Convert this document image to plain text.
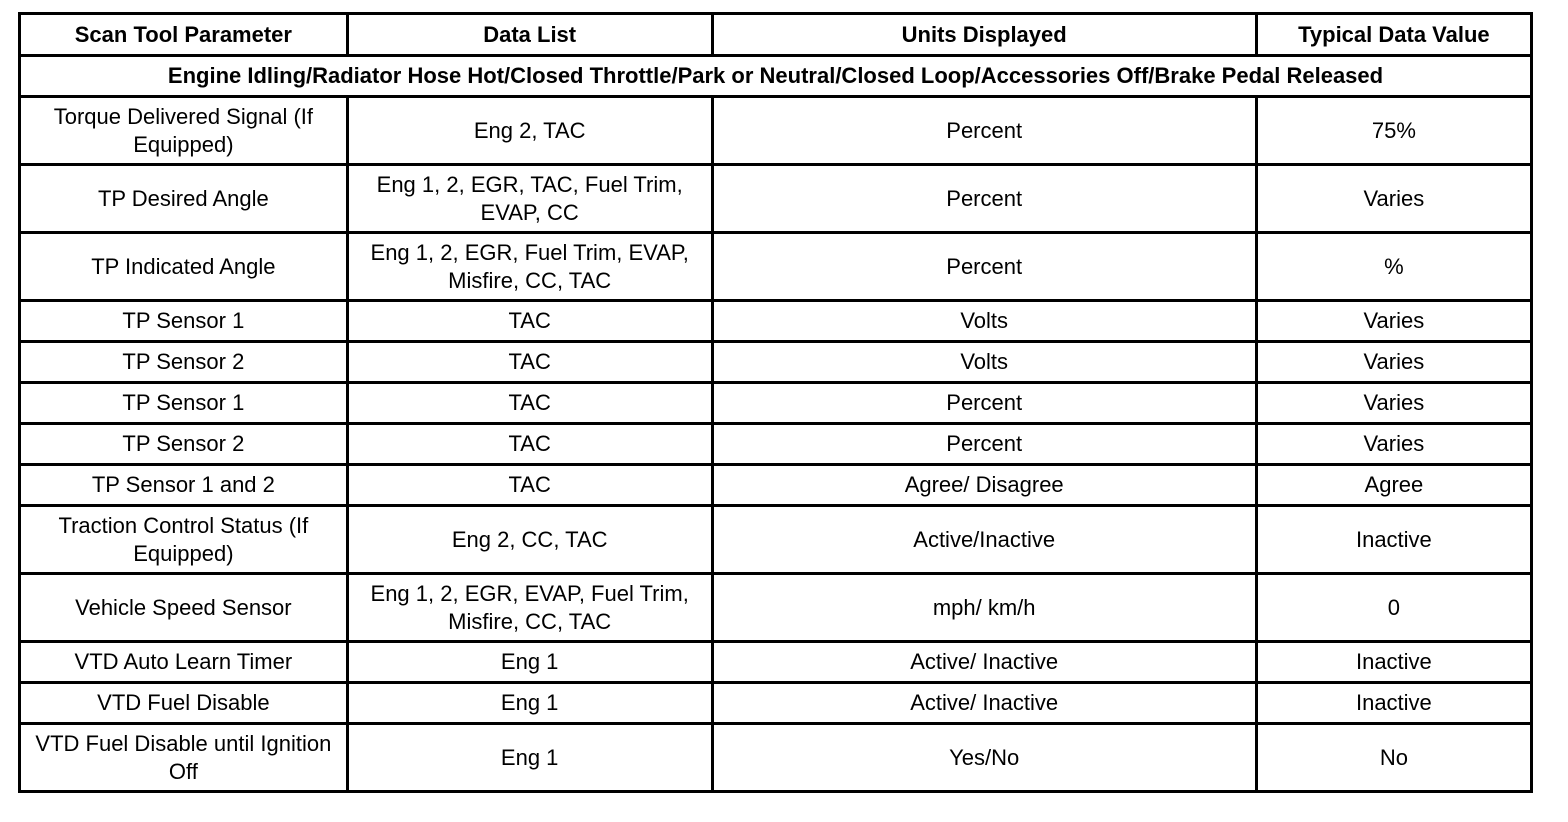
Scan Tool Parameter	Data List	Units Displayed	Typical Data Value
Engine Idling/Radiator Hose Hot/Closed Throttle/Park or Neutral/Closed Loop/Accessories Off/Brake Pedal Released			
Torque Delivered Signal (If Equipped)	Eng 2, TAC	Percent	75%
TP Desired Angle	Eng 1, 2, EGR, TAC, Fuel Trim, EVAP, CC	Percent	Varies
TP Indicated Angle	Eng 1, 2, EGR, Fuel Trim, EVAP, Misfire, CC, TAC	Percent	%
TP Sensor 1	TAC	Volts	Varies
TP Sensor 2	TAC	Volts	Varies
TP Sensor 1	TAC	Percent	Varies
TP Sensor 2	TAC	Percent	Varies
TP Sensor 1 and 2	TAC	Agree/ Disagree	Agree
Traction Control Status (If Equipped)	Eng 2, CC, TAC	Active/Inactive	Inactive
Vehicle Speed Sensor	Eng 1, 2, EGR, EVAP, Fuel Trim, Misfire, CC, TAC	mph/ km/h	0
VTD Auto Learn Timer	Eng 1	Active/ Inactive	Inactive
VTD Fuel Disable	Eng 1	Active/ Inactive	Inactive
VTD Fuel Disable until Ignition Off	Eng 1	Yes/No	No
